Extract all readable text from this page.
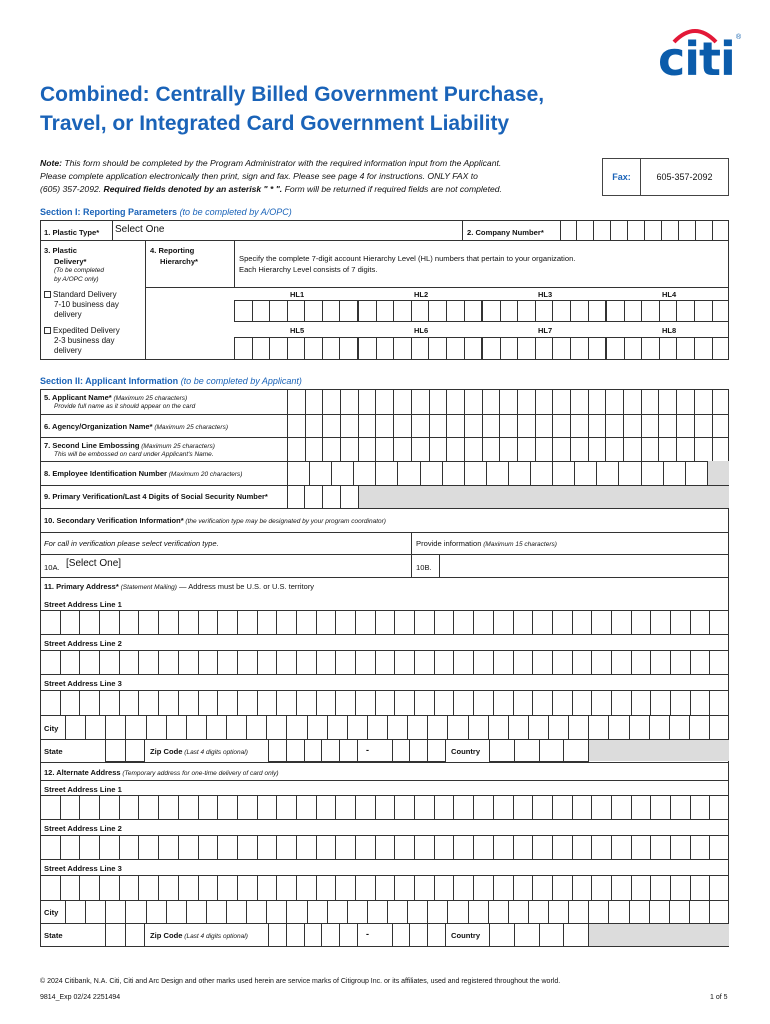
citi ®
Combined: Centrally Billed Government Purchase,
Travel, or Integrated Card Government Liability
Note: This form should be completed by the Program Administrator with the required information input from the Applicant.
Please complete application electronically then print, sign and fax. Please see page 4 for instructions. ONLY FAX to
(605) 357-2092. Required fields denoted by an asterisk " * ". Form will be returned if required fields are not completed.
Fax:	605-357-2092
Section I: Reporting Parameters (to be completed by A/OPC)
1. Plastic Type* Select One	2. Company Number*
3. Plastic
Delivery*
(To be completed
by A/OPC only)
4. Reporting
Hierarchy*	Specify the complete 7-digit account Hierarchy Level (HL) numbers that pertain to your organization.
Each Hierarchy Level consists of 7 digits.
Standard Delivery
7-10 business day
delivery
Expedited Delivery
2-3 business day
delivery
HL1	HL2	HL3	HL4
HL5	HL6	HL7	HL8
Section II: Applicant Information (to be completed by Applicant)
5. Applicant Name* (Maximum 25 characters)
Provide full name as it should appear on the card
6. Agency/Organization Name* (Maximum 25 characters)
7. Second Line Embossing (Maximum 25 characters)
This will be embossed on card under Applicant's Name.
8. Employee Identification Number (Maximum 20 characters)
9. Primary Verification/Last 4 Digits of Social Security Number*
10. Secondary Verification Information* (the verification type may be designated by your program coordinator)
For call in verification please select verification type.	Provide information (Maximum 15 characters)
10A. [Select One]	10B.
11. Primary Address* (Statement Mailing) — Address must be U.S. or U.S. territory
Street Address Line 1
Street Address Line 2
Street Address Line 3
City
State	Zip Code (Last 4 digits optional)	-	Country
12. Alternate Address (Temporary address for one-time delivery of card only)
Street Address Line 1
Street Address Line 2
Street Address Line 3
City
State	Zip Code (Last 4 digits optional)	-	Country
© 2024 Citibank, N.A. Citi, Citi and Arc Design and other marks used herein are service marks of Citigroup Inc. or its affiliates, used and registered throughout the world.
9814_Exp 02/24 2251494	1 of 5
